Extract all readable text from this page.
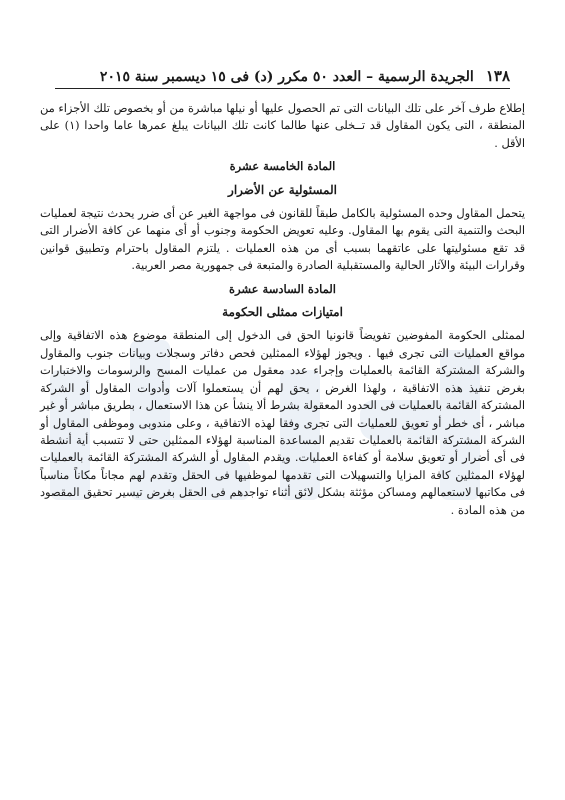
١٣٨
الجريدة الرسمية – العدد ٥٠ مكرر (د) فى ١٥ ديسمبر سنة ٢٠١٥

إطلاع طرف آخر على تلك البيانات التى تم الحصول عليها أو نيلها مباشرة من أو بخصوص تلك الأجزاء من المنطقة ، التى يكون المقاول قد تــخلى عنها طالما كانت تلك البيانات يبلغ عمرها عاما واحدا (١) على الأقل .

المادة الخامسة عشرة
المسئولية عن الأضرار

يتحمل المقاول وحده المسئولية بالكامل طبقاً للقانون فى مواجهة الغير عن أى ضرر يحدث نتيجة لعمليات البحث والتنمية التى يقوم بها المقاول. وعليه تعويض الحكومة وجنوب أو أى منهما عن كافة الأضرار التى قد تقع مسئوليتها على عاتقهما بسبب أى من هذه العمليات . يلتزم المقاول باحترام وتطبيق قوانين وقرارات البيئة والآثار الحالية والمستقبلية الصادرة والمتبعة فى جمهورية مصر العربية.

المادة السادسة عشرة
امتيازات ممثلى الحكومة

لممثلى الحكومة المفوضين تفويضاً قانونيا الحق فى الدخول إلى المنطقة موضوع هذه الاتفاقية وإلى مواقع العمليات التى تجرى فيها . ويجوز لهؤلاء الممثلين فحص دفاتر وسجلات وبيانات جنوب والمقاول والشركة المشتركة القائمة بالعمليات وإجراء عدد معقول من عمليات المسح والرسومات والاختبارات بغرض تنفيذ هذه الاتفاقية ، ولهذا الغرض ، يحق لهم أن يستعملوا آلات وأدوات المقاول أو الشركة المشتركة القائمة بالعمليات فى الحدود المعقولة بشرط ألا ينشأ عن هذا الاستعمال ، بطريق مباشر أو غير مباشر ، أى خطر أو تعويق للعمليات التى تجرى وفقا لهذه الاتفاقية ، وعلى مندوبى وموظفى المقاول أو الشركة المشتركة القائمة بالعمليات تقديم المساعدة المناسبة لهؤلاء الممثلين حتى لا تتسبب أية أنشطة فى أى أضرار أو تعويق سلامة أو كفاءة العمليات. ويقدم المقاول أو الشركة المشتركة القائمة بالعمليات لهؤلاء الممثلين كافة المزايا والتسهيلات التى تقدمها لموظفيها فى الحقل وتقدم لهم مجاناً مكاناً مناسباً فى مكاتبها لاستعمالهم ومساكن مؤثثة بشكل لائق أثناء تواجدهم فى الحقل بغرض تيسير تحقيق المقصود من هذه المادة .
